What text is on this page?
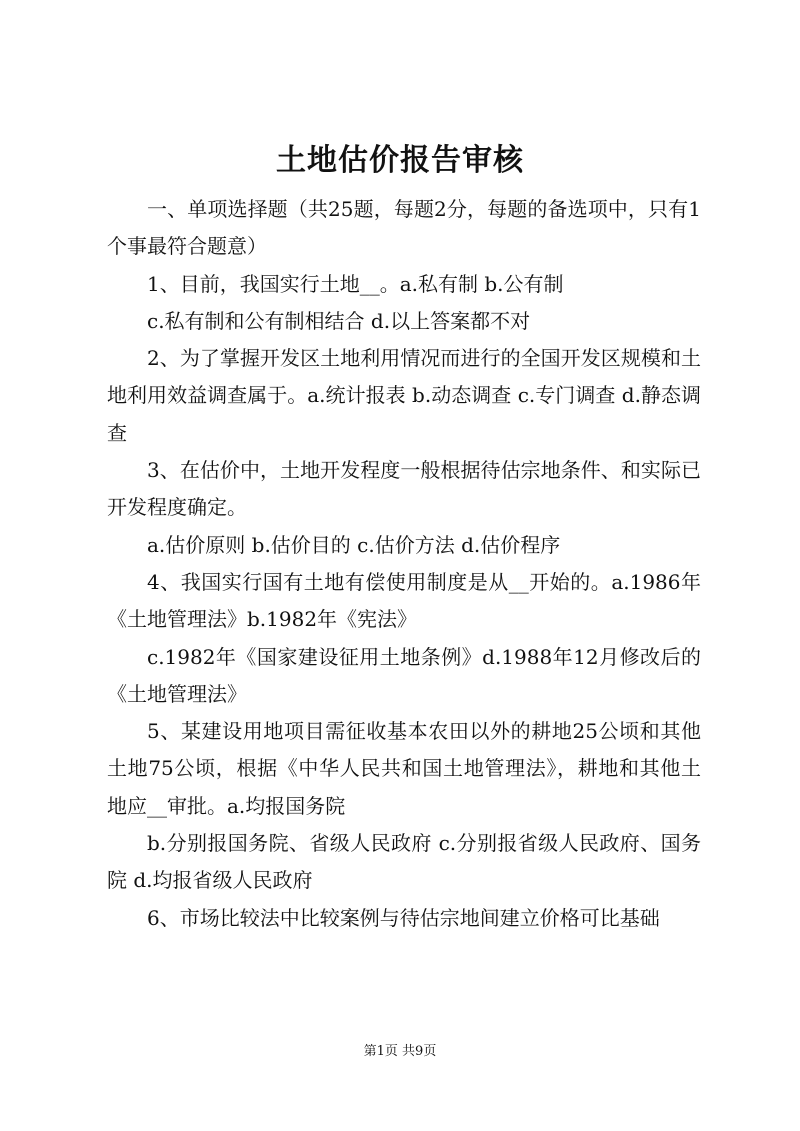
土地估价报告审核

一、单项选择题（共25题，每题2分，每题的备选项中，只有1个事最符合题意）

1、目前，我国实行土地__。a.私有制 b.公有制

c.私有制和公有制相结合 d.以上答案都不对

2、为了掌握开发区土地利用情况而进行的全国开发区规模和土地利用效益调查属于。a.统计报表 b.动态调查 c.专门调查 d.静态调查

3、在估价中，土地开发程度一般根据待估宗地条件、和实际已开发程度确定。

a.估价原则 b.估价目的 c.估价方法 d.估价程序

4、我国实行国有土地有偿使用制度是从__开始的。a.1986年《土地管理法》b.1982年《宪法》

c.1982年《国家建设征用土地条例》d.1988年12月修改后的《土地管理法》

5、某建设用地项目需征收基本农田以外的耕地25公顷和其他土地75公顷，根据《中华人民共和国土地管理法》，耕地和其他土地应__审批。a.均报国务院

b.分别报国务院、省级人民政府 c.分别报省级人民政府、国务院 d.均报省级人民政府

6、市场比较法中比较案例与待估宗地间建立价格可比基础

第1页 共9页
